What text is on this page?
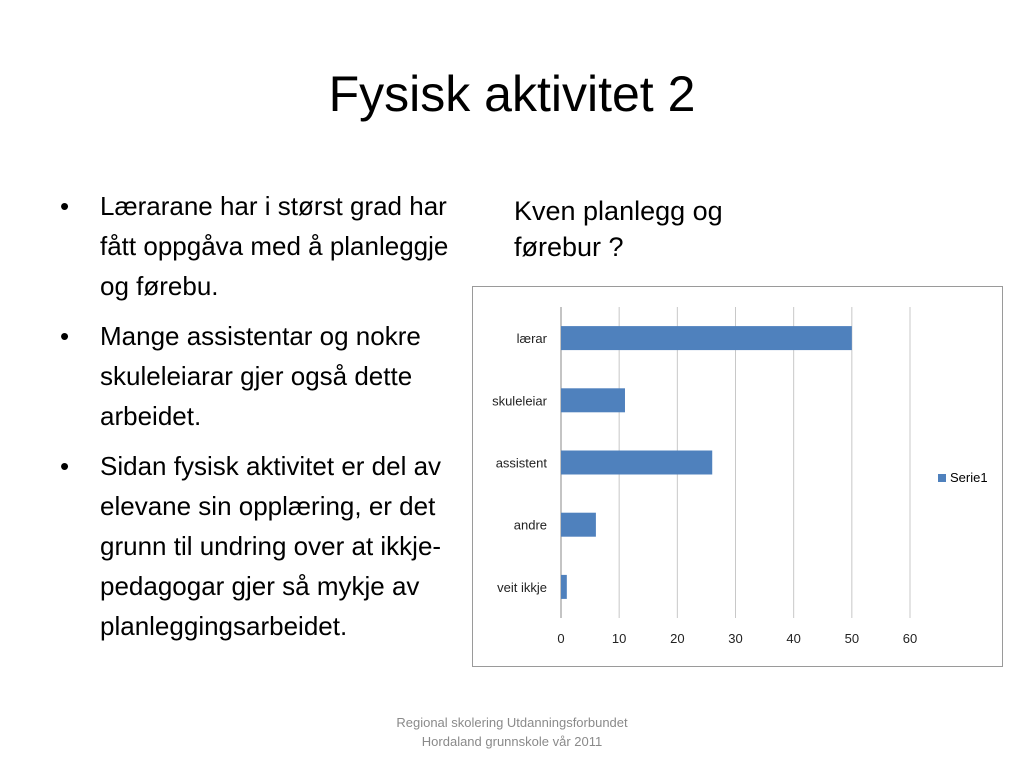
Fysisk aktivitet 2
• Lærarane har i størst grad har fått oppgåva med å planleggje og førebu.
• Mange assistentar og nokre skuleleiarar gjer også dette arbeidet.
• Sidan fysisk aktivitet er del av elevane sin opplæring, er det grunn til undring over at ikkje-pedagogar gjer så mykje av planleggingsarbeidet.
Kven planlegg og førebur ?
0	10	20	30	40	50	60
lærar
skuleleiar
assistent
andre
veit ikkje
Serie1
Regional skolering Utdanningsforbundet
Hordaland grunnskole vår 2011
